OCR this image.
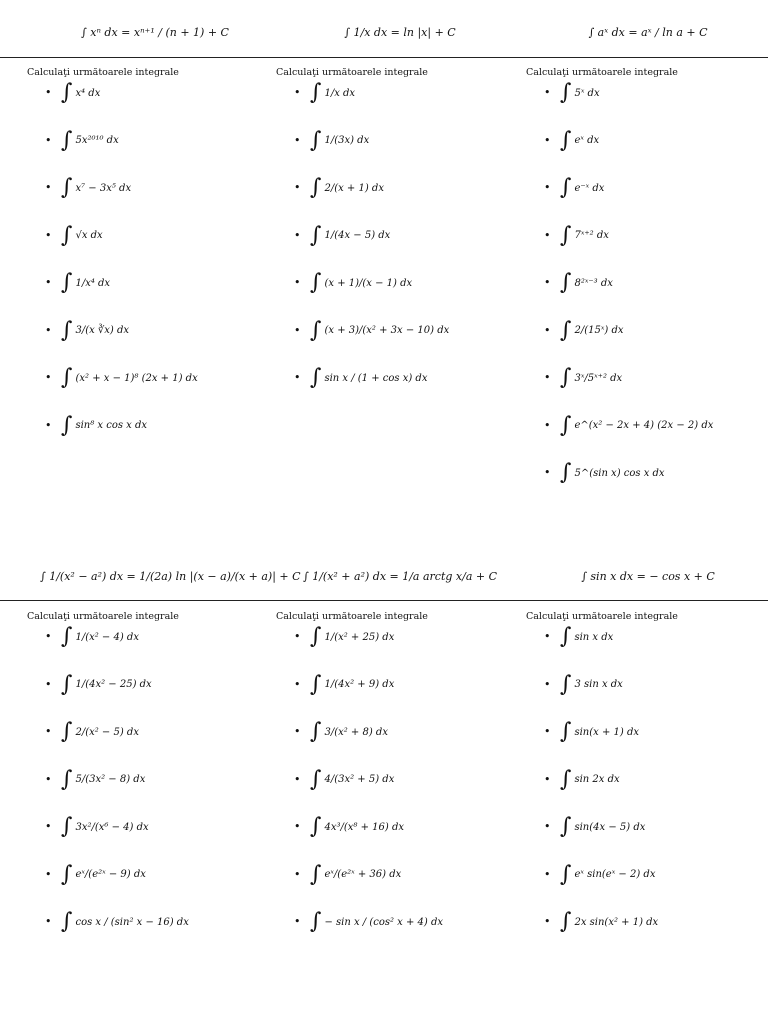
∫ xⁿ dx = xⁿ⁺¹ / (n + 1) + C	∫ 1/x dx = ln |x| + C	∫ aˣ dx = aˣ / ln a + C
Calculaţi următoarele integrale
•
∫ x⁴ dx
•
∫ 5x²⁰¹⁰ dx
•
∫ x⁷ − 3x⁵ dx
•
∫ √x dx
•
∫ 1/x⁴ dx
•
∫ 3/(x ∛x) dx
•
∫ (x² + x − 1)⁸ (2x + 1) dx
•
∫ sin⁸ x cos x dx
Calculaţi următoarele integrale
•
∫ 1/x dx
•
∫ 1/(3x) dx
•
∫ 2/(x + 1) dx
•
∫ 1/(4x − 5) dx
•
∫ (x + 1)/(x − 1) dx
•
∫ (x + 3)/(x² + 3x − 10) dx
•
∫ sin x / (1 + cos x) dx
Calculaţi următoarele integrale
•
∫ 5ˣ dx
•
∫ eˣ dx
•
∫ e⁻ˣ dx
•
∫ 7ˣ⁺² dx
•
∫ 8²ˣ⁻³ dx
•
∫ 2/(15ˣ) dx
•
∫ 3ˣ/5ˣ⁺² dx
•
∫ e^(x² − 2x + 4) (2x − 2) dx
•
∫ 5^(sin x) cos x dx
∫ 1/(x² − a²) dx = 1/(2a) ln |(x − a)/(x + a)| + C ∫ 1/(x² + a²) dx = 1/a arctg x/a + C	∫ sin x dx = − cos x + C
Calculaţi următoarele integrale
•
∫ 1/(x² − 4) dx
•
∫ 1/(4x² − 25) dx
•
∫ 2/(x² − 5) dx
•
∫ 5/(3x² − 8) dx
•
∫ 3x²/(x⁶ − 4) dx
•
∫ eˣ/(e²ˣ − 9) dx
•
∫ cos x / (sin² x − 16) dx
Calculaţi următoarele integrale
•
∫ 1/(x² + 25) dx
•
∫ 1/(4x² + 9) dx
•
∫ 3/(x² + 8) dx
•
∫ 4/(3x² + 5) dx
•
∫ 4x³/(x⁸ + 16) dx
•
∫ eˣ/(e²ˣ + 36) dx
•
∫ − sin x / (cos² x + 4) dx
Calculaţi următoarele integrale
•
∫ sin x dx
•
∫ 3 sin x dx
•
∫ sin(x + 1) dx
•
∫ sin 2x dx
•
∫ sin(4x − 5) dx
•
∫ eˣ sin(eˣ − 2) dx
•
∫ 2x sin(x² + 1) dx
